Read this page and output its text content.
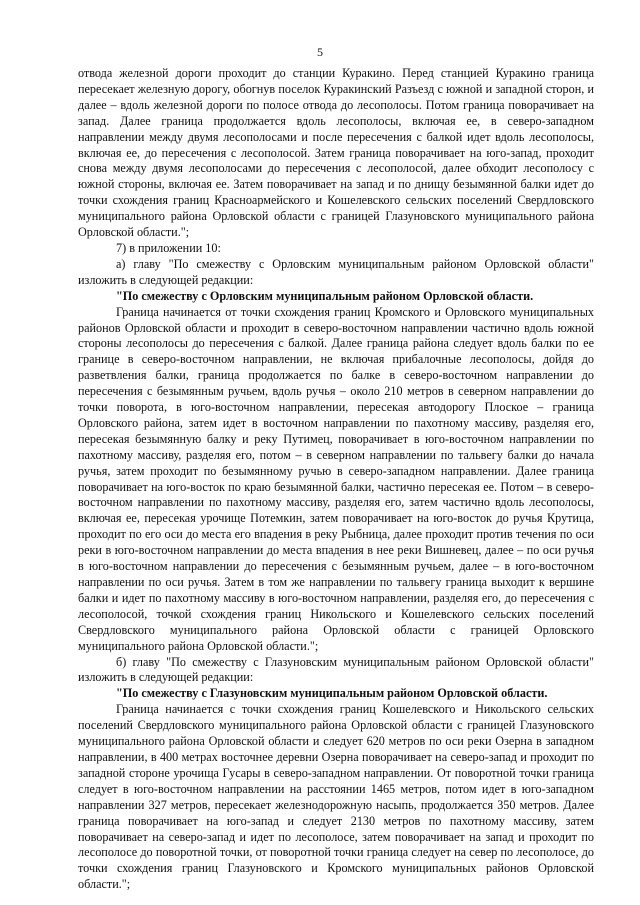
5

отвода железной дороги проходит до станции Куракино. Перед станцией Куракино граница пересекает железную дорогу, обогнув поселок Куракинский Разъезд с южной и западной сторон, и далее – вдоль железной дороги по полосе отвода до лесополосы. Потом граница поворачивает на запад. Далее граница продолжается вдоль лесополосы, включая ее, в северо-западном направлении между двумя лесополосами и после пересечения с балкой идет вдоль лесополосы, включая ее, до пересечения с лесополосой. Затем граница поворачивает на юго-запад, проходит снова между двумя лесополосами до пересечения с лесополосой, далее обходит лесополосу с южной стороны, включая ее. Затем поворачивает на запад и по днищу безымянной балки идет до точки схождения границ Красноармейского и Кошелевского сельских поселений Свердловского муниципального района Орловской области с границей Глазуновского муниципального района Орловской области.";

7) в приложении 10:

а) главу "По смежеству с Орловским муниципальным районом Орловской области" изложить в следующей редакции:

"По смежеству с Орловским муниципальным районом Орловской области.

Граница начинается от точки схождения границ Кромского и Орловского муниципальных районов Орловской области и проходит в северо-восточном направлении частично вдоль южной стороны лесополосы до пересечения с балкой. Далее граница района следует вдоль балки по ее границе в северо-восточном направлении, не включая прибалочные лесополосы, дойдя до разветвления балки, граница продолжается по балке в северо-восточном направлении до пересечения с безымянным ручьем, вдоль ручья – около 210 метров в северном направлении до точки поворота, в юго-восточном направлении, пересекая автодорогу Плоское – граница Орловского района, затем идет в восточном направлении по пахотному массиву, разделяя его, пересекая безымянную балку и реку Путимец, поворачивает в юго-восточном направлении по пахотному массиву, разделяя его, потом – в северном направлении по тальвегу балки до начала ручья, затем проходит по безымянному ручью в северо-западном направлении. Далее граница поворачивает на юго-восток по краю безымянной балки, частично пересекая ее. Потом – в северо-восточном направлении по пахотному массиву, разделяя его, затем частично вдоль лесополосы, включая ее, пересекая урочище Потемкин, затем поворачивает на юго-восток до ручья Крутица, проходит по его оси до места его впадения в реку Рыбница, далее проходит против течения по оси реки в юго-восточном направлении до места впадения в нее реки Вишневец, далее – по оси ручья в юго-восточном направлении до пересечения с безымянным ручьем, далее – в юго-восточном направлении по оси ручья. Затем в том же направлении по тальвегу граница выходит к вершине балки и идет по пахотному массиву в юго-восточном направлении, разделяя его, до пересечения с лесополосой, точкой схождения границ Никольского и Кошелевского сельских поселений Свердловского муниципального района Орловской области с границей Орловского муниципального района Орловской области.";

б) главу "По смежеству с Глазуновским муниципальным районом Орловской области" изложить в следующей редакции:

"По смежеству с Глазуновским муниципальным районом Орловской области.

Граница начинается с точки схождения границ Кошелевского и Никольского сельских поселений Свердловского муниципального района Орловской области с границей Глазуновского муниципального района Орловской области и следует 620 метров по оси реки Озерна в западном направлении, в 400 метрах восточнее деревни Озерна поворачивает на северо-запад и проходит по западной стороне урочища Гусары в северо-западном направлении. От поворотной точки граница следует в юго-восточном направлении на расстоянии 1465 метров, потом идет в юго-западном направлении 327 метров, пересекает железнодорожную насыпь, продолжается 350 метров. Далее граница поворачивает на юго-запад и следует 2130 метров по пахотному массиву, затем поворачивает на северо-запад и идет по лесополосе, затем поворачивает на запад и проходит по лесополосе до поворотной точки, от поворотной точки граница следует на север по лесополосе, до точки схождения границ Глазуновского и Кромского муниципальных районов Орловской области.";
